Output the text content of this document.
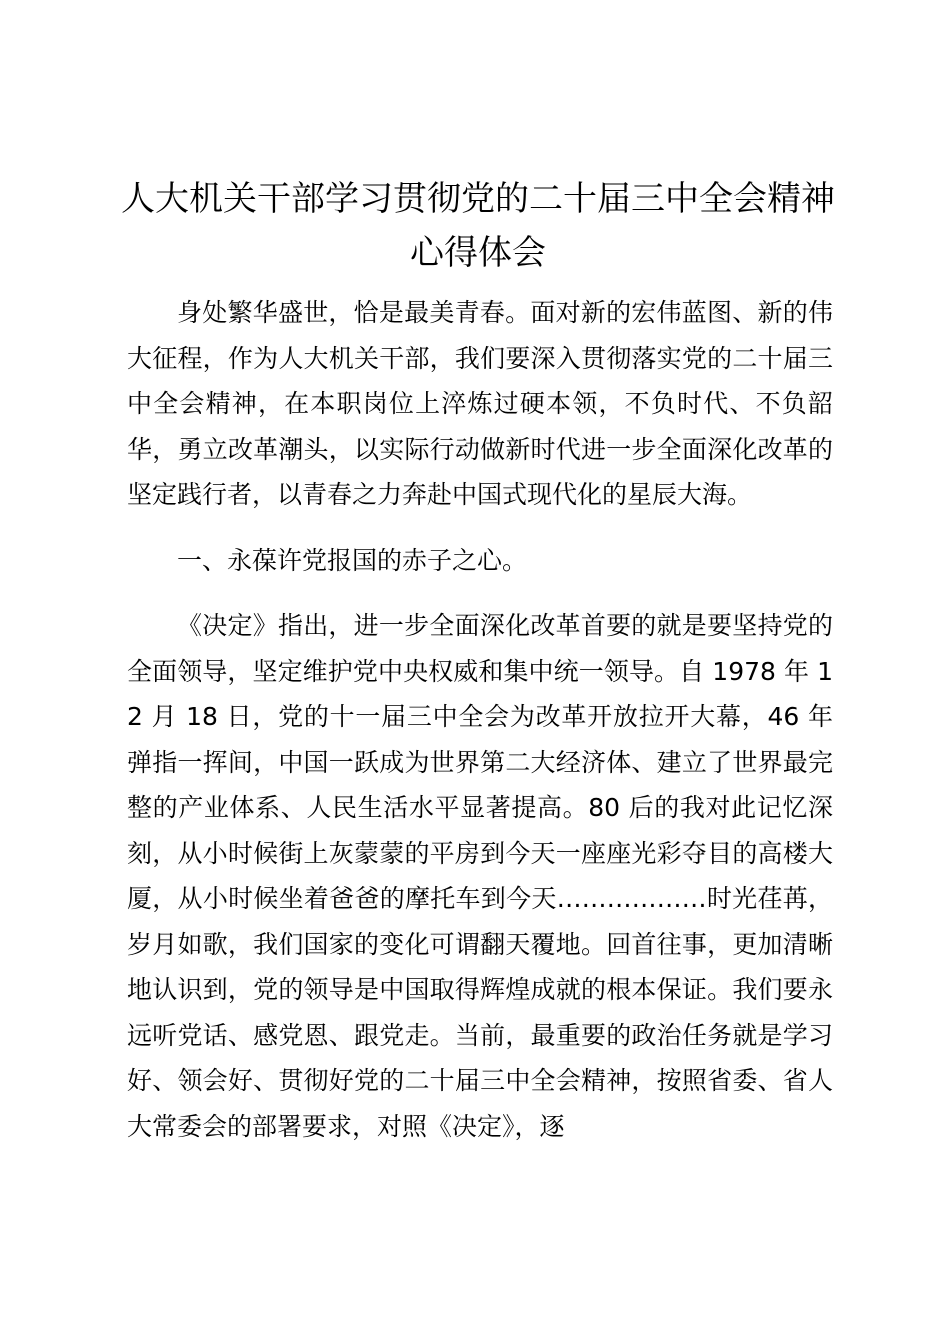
人大机关干部学习贯彻党的二十届三中全会精神心得体会

身处繁华盛世，恰是最美青春。面对新的宏伟蓝图、新的伟大征程，作为人大机关干部，我们要深入贯彻落实党的二十届三中全会精神，在本职岗位上淬炼过硬本领，不负时代、不负韶华，勇立改革潮头，以实际行动做新时代进一步全面深化改革的坚定践行者，以青春之力奔赴中国式现代化的星辰大海。

一、永葆许党报国的赤子之心。

《决定》指出，进一步全面深化改革首要的就是要坚持党的全面领导，坚定维护党中央权威和集中统一领导。自 1978 年 12 月 18 日，党的十一届三中全会为改革开放拉开大幕，46 年弹指一挥间，中国一跃成为世界第二大经济体、建立了世界最完整的产业体系、人民生活水平显著提高。80 后的我对此记忆深刻，从小时候街上灰蒙蒙的平房到今天一座座光彩夺目的高楼大厦，从小时候坐着爸爸的摩托车到今天………………时光荏苒，岁月如歌，我们国家的变化可谓翻天覆地。回首往事，更加清晰地认识到，党的领导是中国取得辉煌成就的根本保证。我们要永远听党话、感党恩、跟党走。当前，最重要的政治任务就是学习好、领会好、贯彻好党的二十届三中全会精神，按照省委、省人大常委会的部署要求，对照《决定》，逐
